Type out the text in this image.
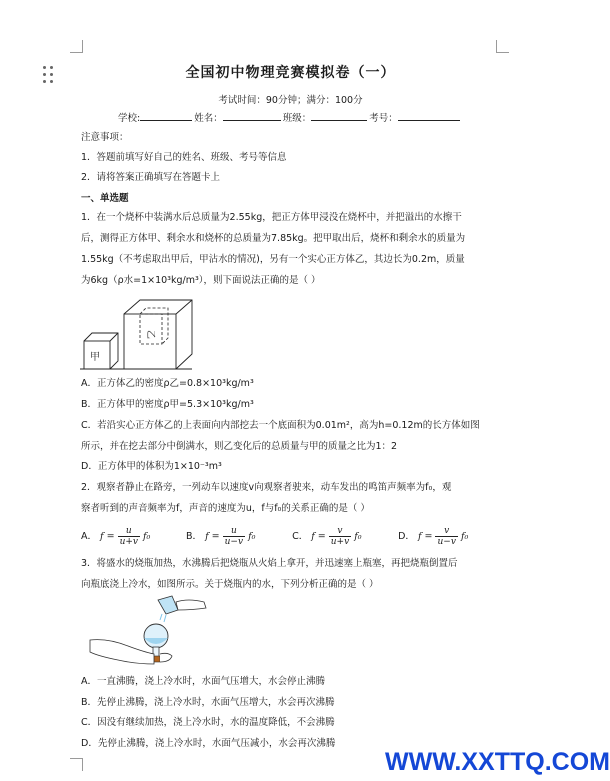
全国初中物理竞赛模拟卷（一）
考试时间：90分钟；满分：100分
学校:	姓名：	班级：	考号：
注意事项：
1．答题前填写好自己的姓名、班级、考号等信息
2．请将答案正确填写在答题卡上
一、单选题
1．在一个烧杯中装满水后总质量为2.55kg，把正方体甲浸没在烧杯中，并把溢出的水擦干
后，测得正方体甲、剩余水和烧杯的总质量为7.85kg。把甲取出后，烧杯和剩余水的质量为
1.55kg（不考虑取出甲后，甲沾水的情况)，另有一个实心正方体乙，其边长为0.2m，质量
为6kg（ρ水=1×10³kg/m³），则下面说法正确的是（ ）
甲
乙
A．正方体乙的密度ρ乙=0.8×10³kg/m³
B．正方体甲的密度ρ甲=5.3×10³kg/m³
C．若沿实心正方体乙的上表面向内部挖去一个底面积为0.01m²，高为h=0.12m的长方体如图
所示，并在挖去部分中倒满水，则乙变化后的总质量与甲的质量之比为1：2
D．正方体甲的体积为1×10⁻³m³
2．观察者静止在路旁，一列动车以速度v向观察者驶来，动车发出的鸣笛声频率为f₀，观
察者听到的声音频率为f，声音的速度为u，f与f₀的关系正确的是（ ）
A． $f = \frac{u}{u+v} f_0$	B． $f = \frac{u}{u-v} f_0$	C． $f = \frac{v}{u+v} f_0$	D． $f = \frac{v}{u-v} f_0$
3．将盛水的烧瓶加热，水沸腾后把烧瓶从火焰上拿开，并迅速塞上瓶塞，再把烧瓶倒置后
向瓶底浇上冷水，如图所示。关于烧瓶内的水，下列分析正确的是（ ）
A．一直沸腾，浇上冷水时，水面气压增大，水会停止沸腾
B．先停止沸腾，浇上冷水时，水面气压增大，水会再次沸腾
C．因没有继续加热，浇上冷水时，水的温度降低，不会沸腾
D．先停止沸腾，浇上冷水时，水面气压减小，水会再次沸腾
WWW.XXTTQ.COM
